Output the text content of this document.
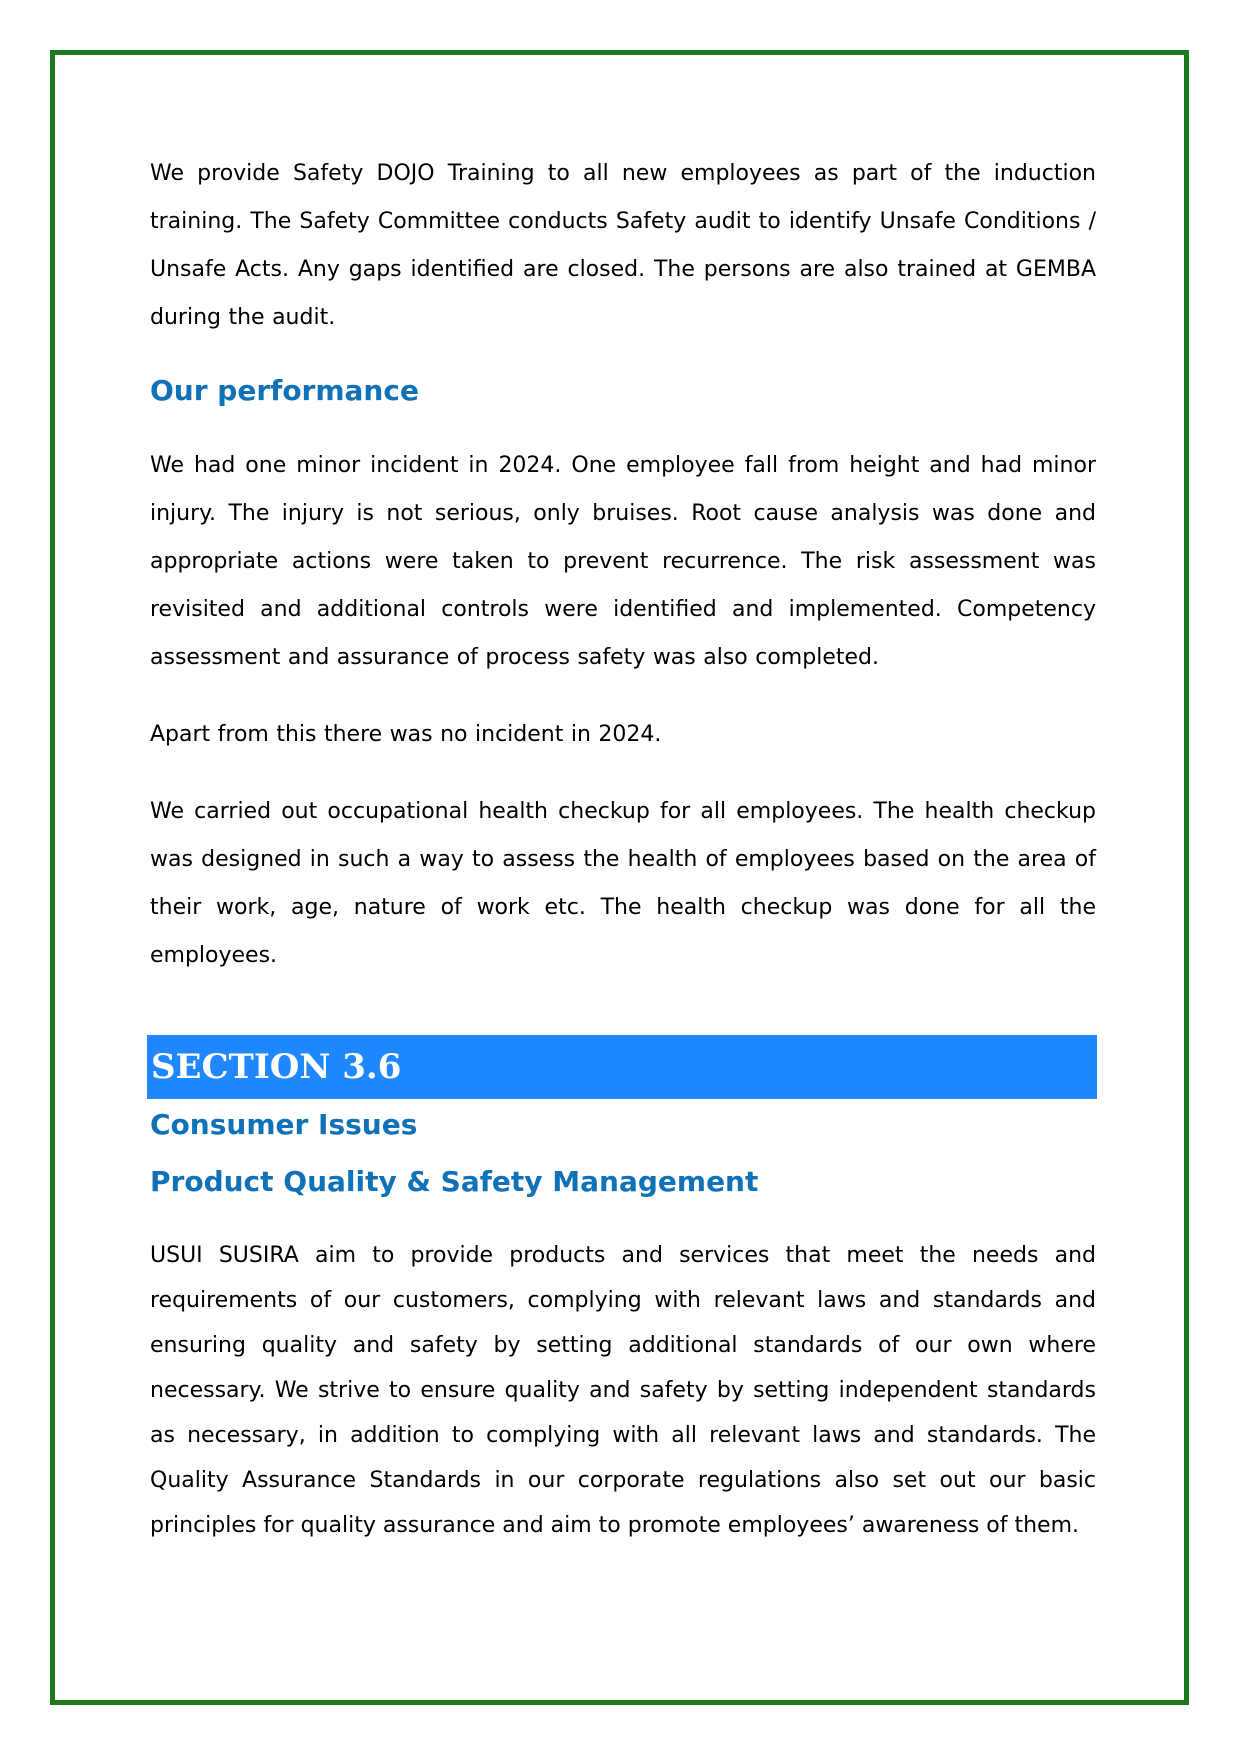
We provide Safety DOJO Training to all new employees as part of the induction training. The Safety Committee conducts Safety audit to identify Unsafe Conditions / Unsafe Acts. Any gaps identified are closed. The persons are also trained at GEMBA during the audit.

Our performance

We had one minor incident in 2024. One employee fall from height and had minor injury. The injury is not serious, only bruises. Root cause analysis was done and appropriate actions were taken to prevent recurrence. The risk assessment was revisited and additional controls were identified and implemented. Competency assessment and assurance of process safety was also completed.

Apart from this there was no incident in 2024.

We carried out occupational health checkup for all employees. The health checkup was designed in such a way to assess the health of employees based on the area of their work, age, nature of work etc. The health checkup was done for all the employees.

SECTION 3.6
Consumer Issues
Product Quality & Safety Management

USUI SUSIRA aim to provide products and services that meet the needs and requirements of our customers, complying with relevant laws and standards and ensuring quality and safety by setting additional standards of our own where necessary. We strive to ensure quality and safety by setting independent standards as necessary, in addition to complying with all relevant laws and standards. The Quality Assurance Standards in our corporate regulations also set out our basic principles for quality assurance and aim to promote employees’ awareness of them.
